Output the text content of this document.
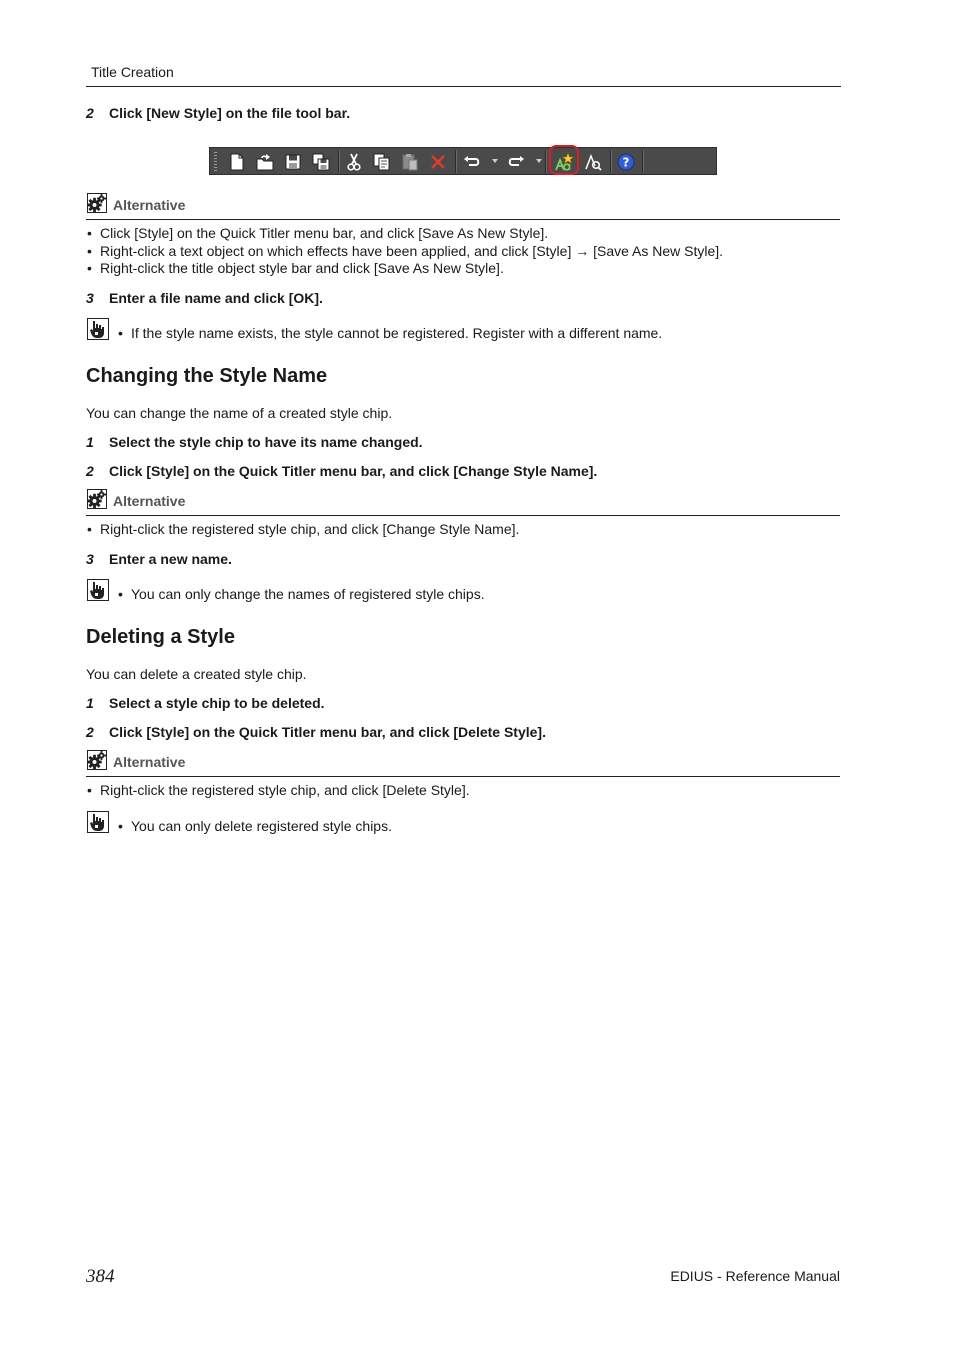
Title Creation
2 Click [New Style] on the file tool bar.
?
Alternative
• Click [Style] on the Quick Titler menu bar, and click [Save As New Style].
• Right-click a text object on which effects have been applied, and click [Style] → [Save As New Style].
• Right-click the title object style bar and click [Save As New Style].
3 Enter a file name and click [OK].
• If the style name exists, the style cannot be registered. Register with a different name.
Changing the Style Name
You can change the name of a created style chip.
1 Select the style chip to have its name changed.
2 Click [Style] on the Quick Titler menu bar, and click [Change Style Name].
Alternative
• Right-click the registered style chip, and click [Change Style Name].
3 Enter a new name.
• You can only change the names of registered style chips.
Deleting a Style
You can delete a created style chip.
1 Select a style chip to be deleted.
2 Click [Style] on the Quick Titler menu bar, and click [Delete Style].
Alternative
• Right-click the registered style chip, and click [Delete Style].
• You can only delete registered style chips.
384	EDIUS - Reference Manual
